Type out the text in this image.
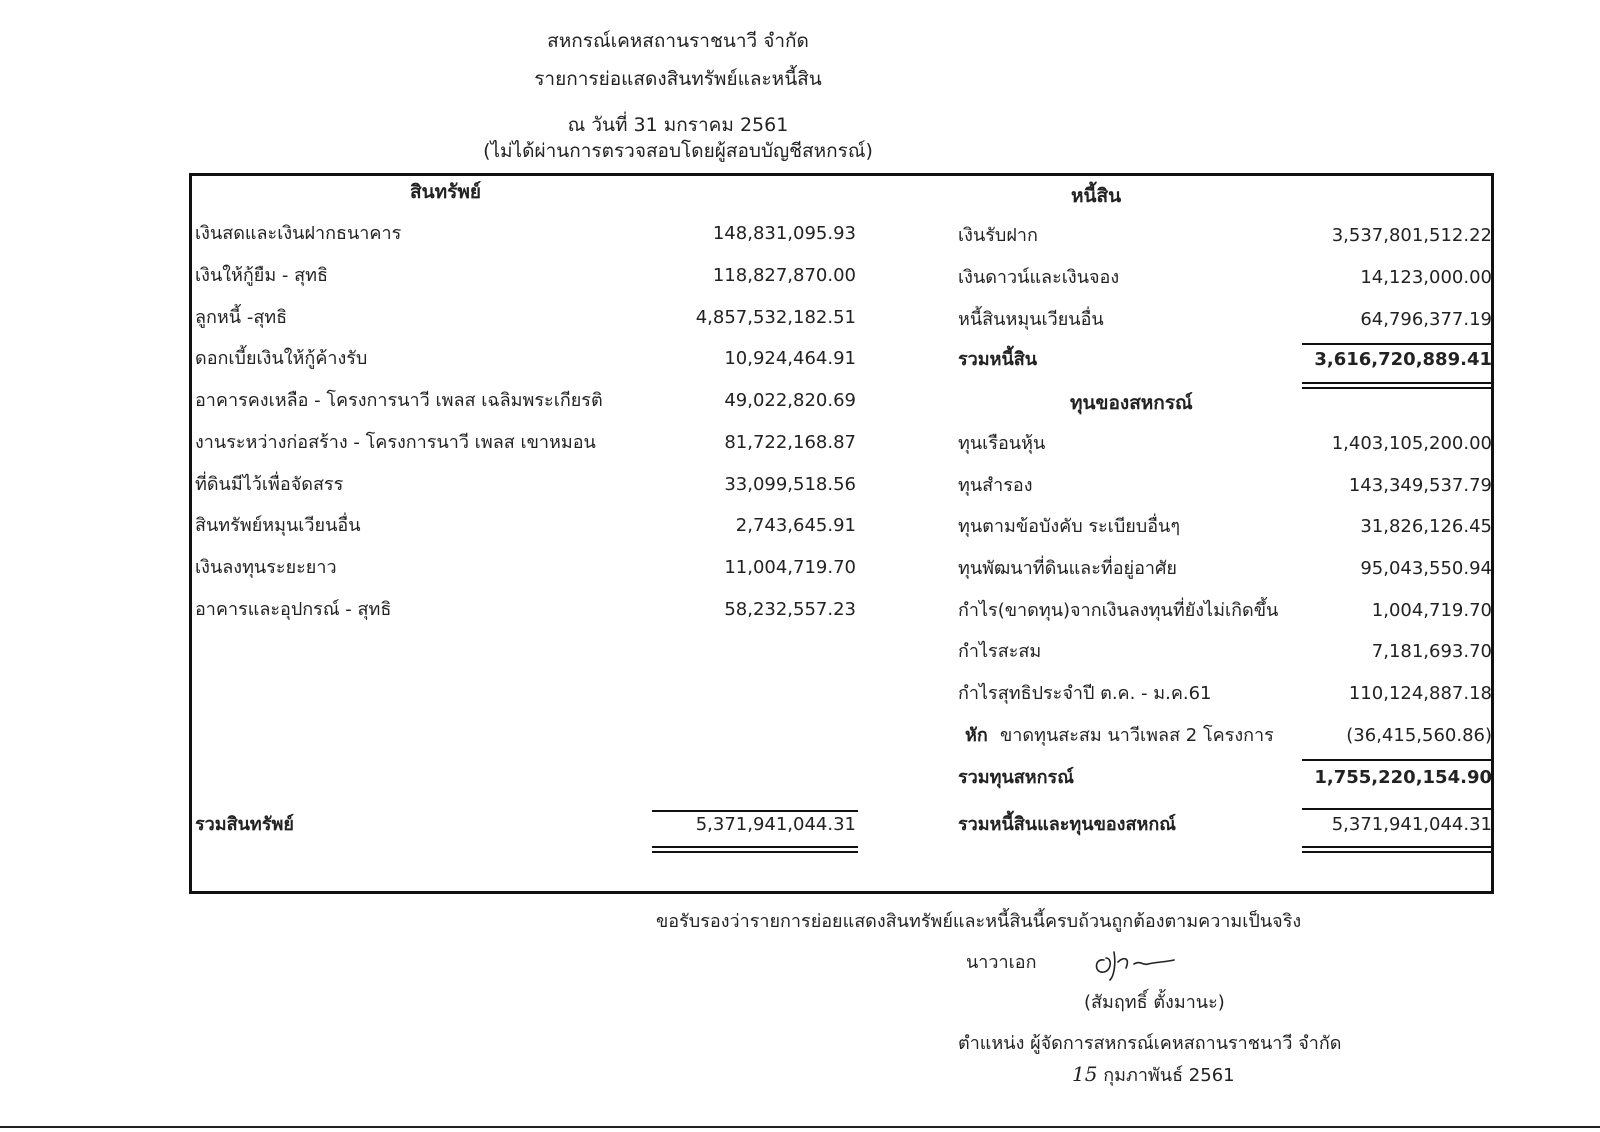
สหกรณ์เคหสถานราชนาวี จำกัด
รายการย่อแสดงสินทรัพย์และหนี้สิน
ณ วันที่ 31 มกราคม 2561
(ไม่ได้ผ่านการตรวจสอบโดยผู้สอบบัญชีสหกรณ์)
สินทรัพย์
เงินสดและเงินฝากธนาคาร	148,831,095.93
เงินให้กู้ยืม - สุทธิ	118,827,870.00
ลูกหนี้ -สุทธิ	4,857,532,182.51
ดอกเบี้ยเงินให้กู้ค้างรับ	10,924,464.91
อาคารคงเหลือ - โครงการนาวี เพลส เฉลิมพระเกียรติ	49,022,820.69
งานระหว่างก่อสร้าง - โครงการนาวี เพลส เขาหมอน	81,722,168.87
ที่ดินมีไว้เพื่อจัดสรร	33,099,518.56
สินทรัพย์หมุนเวียนอื่น	2,743,645.91
เงินลงทุนระยะยาว	11,004,719.70
อาคารและอุปกรณ์ - สุทธิ	58,232,557.23
รวมสินทรัพย์	5,371,941,044.31
หนี้สิน
เงินรับฝาก	3,537,801,512.22
เงินดาวน์และเงินจอง	14,123,000.00
หนี้สินหมุนเวียนอื่น	64,796,377.19
รวมหนี้สิน	3,616,720,889.41
ทุนของสหกรณ์
ทุนเรือนหุ้น	1,403,105,200.00
ทุนสำรอง	143,349,537.79
ทุนตามข้อบังคับ ระเบียบอื่นๆ	31,826,126.45
ทุนพัฒนาที่ดินและที่อยู่อาศัย	95,043,550.94
กำไร(ขาดทุน)จากเงินลงทุนที่ยังไม่เกิดขึ้น	1,004,719.70
กำไรสะสม	7,181,693.70
กำไรสุทธิประจำปี ต.ค. - ม.ค.61	110,124,887.18
หัก ขาดทุนสะสม นาวีเพลส 2 โครงการ	(36,415,560.86)
รวมทุนสหกรณ์	1,755,220,154.90
รวมหนี้สินและทุนของสหกณ์	5,371,941,044.31
ขอรับรองว่ารายการย่อยแสดงสินทรัพย์และหนี้สินนี้ครบถ้วนถูกต้องตามความเป็นจริง
นาวาเอก
(สัมฤทธิ์ ตั้งมานะ)
ตำแหน่ง ผู้จัดการสหกรณ์เคหสถานราชนาวี จำกัด
15 กุมภาพันธ์ 2561
